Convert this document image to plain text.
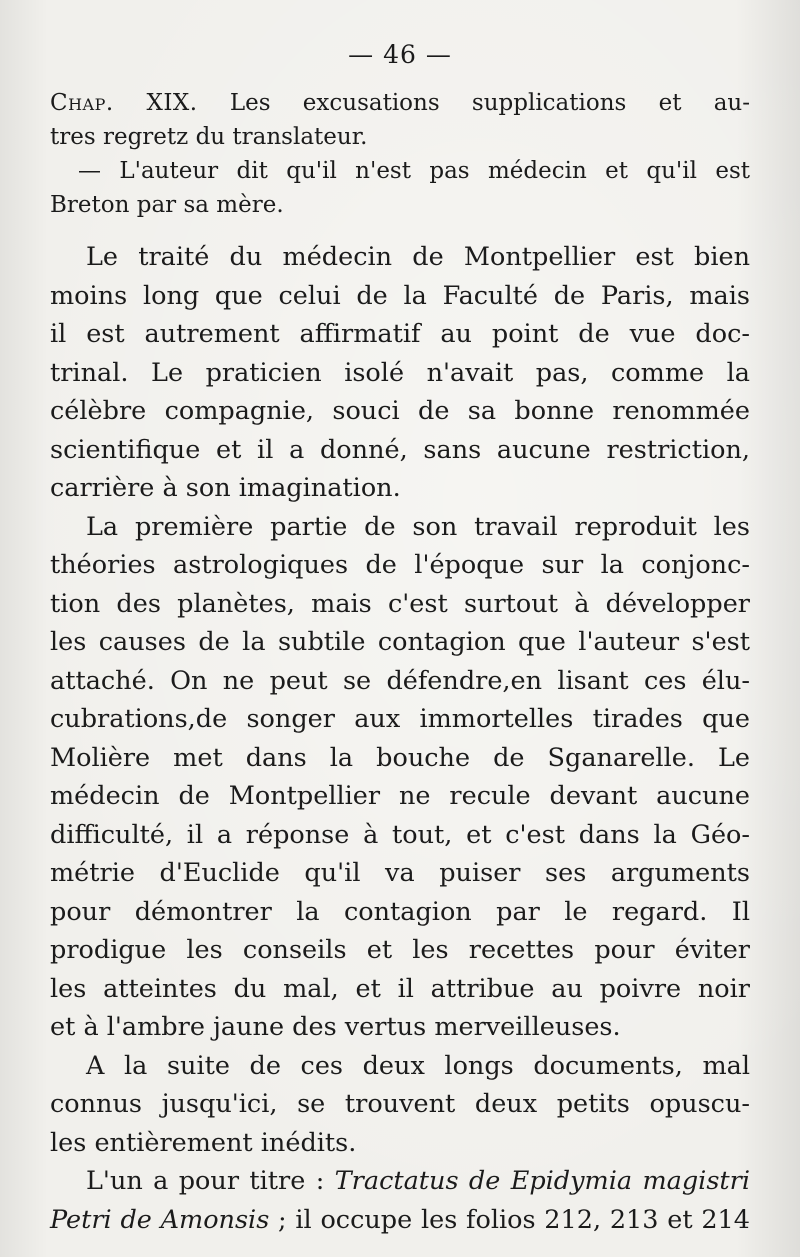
— 46 —
Chap. XIX. Les excusations supplications et au-
tres regretz du translateur.
— L'auteur dit qu'il n'est pas médecin et qu'il est
Breton par sa mère.
Le traité du médecin de Montpellier est bien
moins long que celui de la Faculté de Paris, mais
il est autrement affirmatif au point de vue doc-
trinal. Le praticien isolé n'avait pas, comme la
célèbre compagnie, souci de sa bonne renommée
scientifique et il a donné, sans aucune restriction,
carrière à son imagination.
La première partie de son travail reproduit les
théories astrologiques de l'époque sur la conjonc-
tion des planètes, mais c'est surtout à développer
les causes de la subtile contagion que l'auteur s'est
attaché. On ne peut se défendre,en lisant ces élu-
cubrations,de songer aux immortelles tirades que
Molière met dans la bouche de Sganarelle. Le
médecin de Montpellier ne recule devant aucune
difficulté, il a réponse à tout, et c'est dans la Géo-
métrie d'Euclide qu'il va puiser ses arguments
pour démontrer la contagion par le regard. Il
prodigue les conseils et les recettes pour éviter
les atteintes du mal, et il attribue au poivre noir
et à l'ambre jaune des vertus merveilleuses.
A la suite de ces deux longs documents, mal
connus jusqu'ici, se trouvent deux petits opuscu-
les entièrement inédits.
L'un a pour titre : Tractatus de Epidymia magistri
Petri de Amonsis ; il occupe les folios 212, 213 et 214
